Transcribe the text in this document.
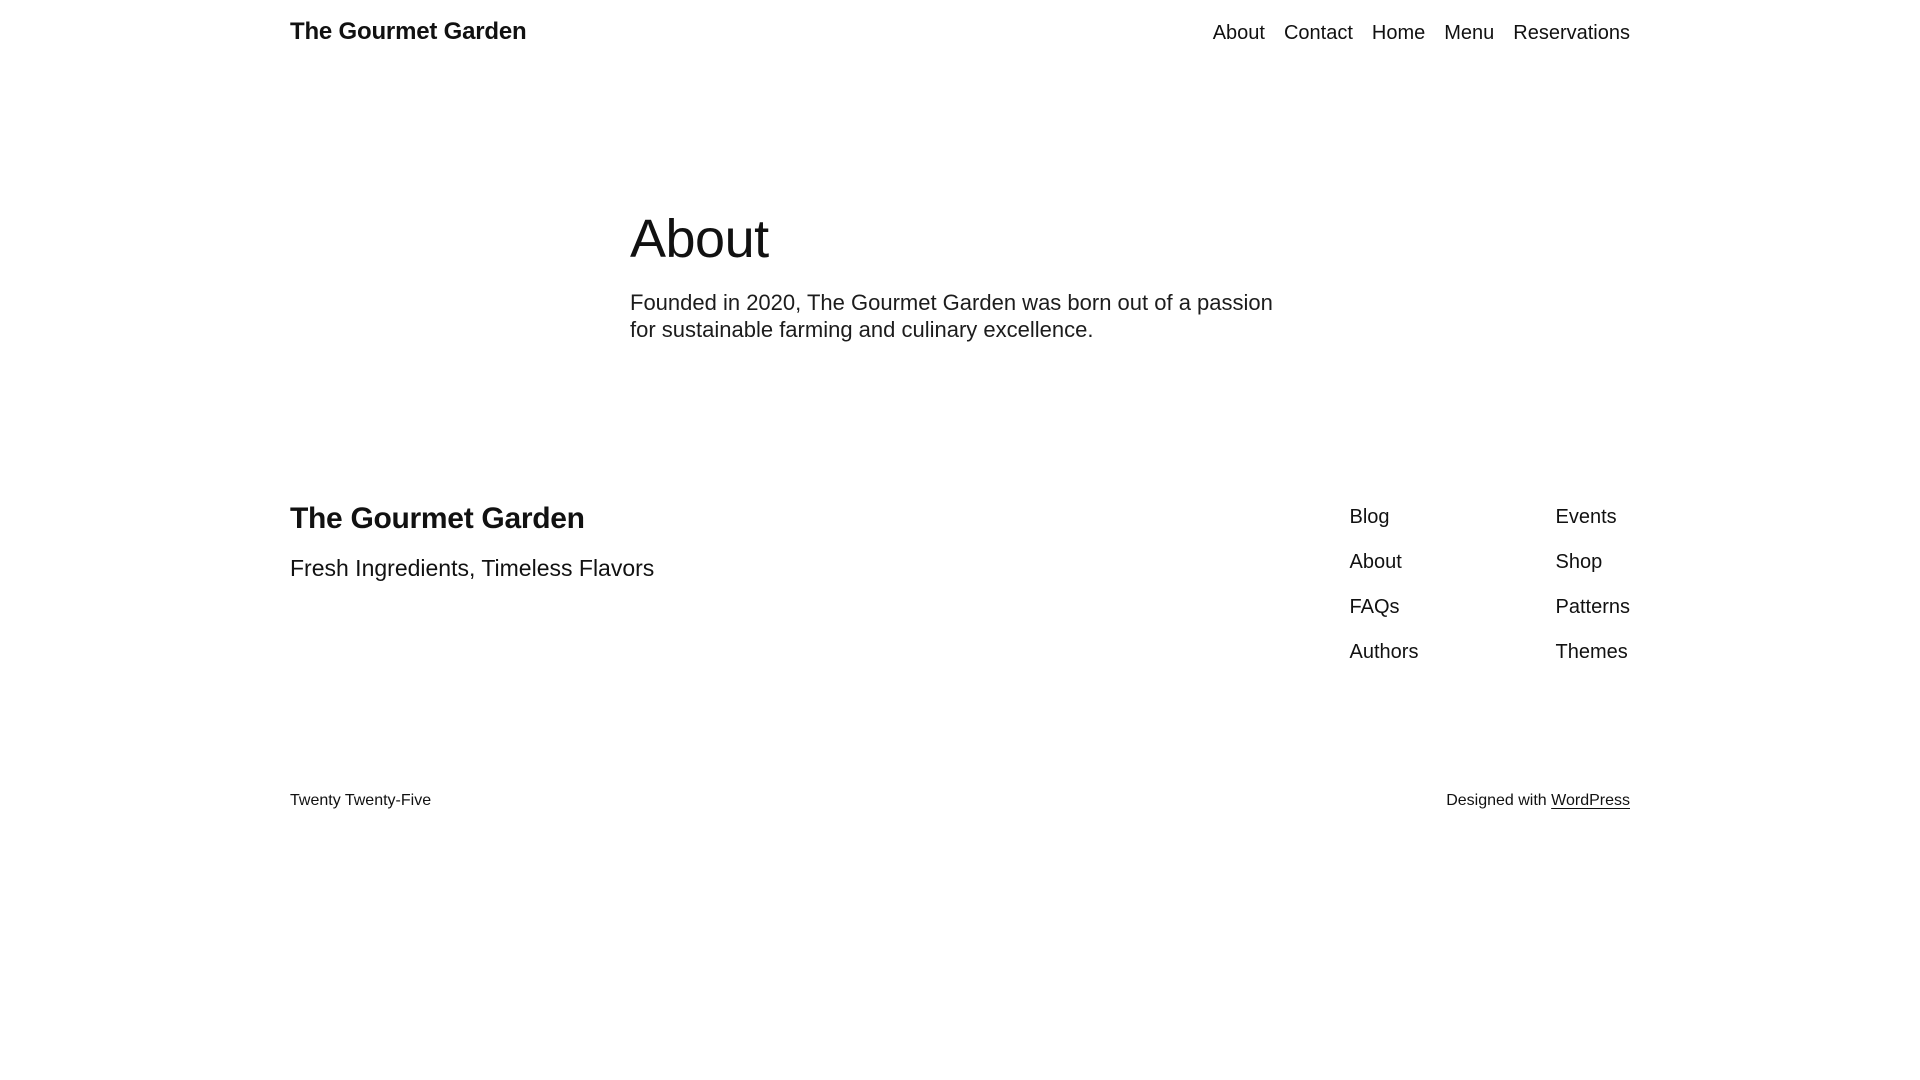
The Gourmet Garden	About Contact Home Menu Reservations
About

Founded in 2020, The Gourmet Garden was born out of a passion for sustainable farming and culinary excellence.

The Gourmet Garden
Fresh Ingredients, Timeless Flavors
Blog
About
FAQs
Authors
Events
Shop
Patterns
Themes
Twenty Twenty-Five	Designed with WordPress
